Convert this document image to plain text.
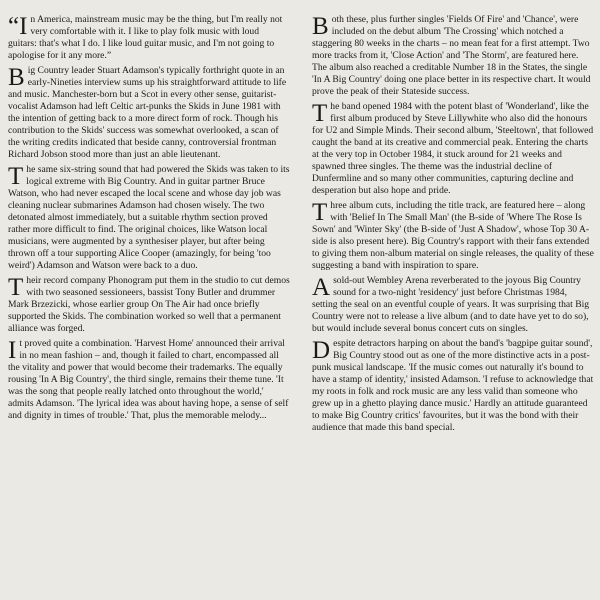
“In America, mainstream music may be the thing, but I'm really not very comfortable with it. I like to play folk music with loud guitars: that's what I do. I like loud guitar music, and I'm not going to apologise for it any more.”

Big Country leader Stuart Adamson's typically forthright quote in an early-Nineties interview sums up his straightforward attitude to life and music. Manchester-born but a Scot in every other sense, guitarist-vocalist Adamson had left Celtic art-punks the Skids in June 1981 with the intention of getting back to a more direct form of rock. Though his contribution to the Skids' success was somewhat overlooked, a scan of the writing credits indicated that beside canny, controversial frontman Richard Jobson stood more than just an able lieutenant.

The same six-string sound that had powered the Skids was taken to its logical extreme with Big Country. And in guitar partner Bruce Watson, who had never escaped the local scene and whose day job was cleaning nuclear submarines Adamson had chosen wisely. The two detonated almost immediately, but a suitable rhythm section proved rather more difficult to find. The original choices, like Watson local musicians, were augmented by a synthesiser player, but after being thrown off a tour supporting Alice Cooper (amazingly, for being 'too weird') Adamson and Watson were back to a duo.

Their record company Phonogram put them in the studio to cut demos with two seasoned sessioneers, bassist Tony Butler and drummer Mark Brzezicki, whose earlier group On The Air had once briefly supported the Skids. The combination worked so well that a permanent alliance was forged.

It proved quite a combination. 'Harvest Home' announced their arrival in no mean fashion – and, though it failed to chart, encompassed all the vitality and power that would become their trademarks. The equally rousing 'In A Big Country', the third single, remains their theme tune. 'It was the song that people really latched onto throughout the world,' admits Adamson. 'The lyrical idea was about having hope, a sense of self and dignity in times of trouble.' That, plus the memorable melody...

Both these, plus further singles 'Fields Of Fire' and 'Chance', were included on the debut album 'The Crossing' which notched a staggering 80 weeks in the charts – no mean feat for a first attempt. Two more tracks from it, 'Close Action' and 'The Storm', are featured here. The album also reached a creditable Number 18 in the States, the single 'In A Big Country' doing one place better in its respective chart. It would prove the peak of their Stateside success.

The band opened 1984 with the potent blast of 'Wonderland', like the first album produced by Steve Lillywhite who also did the honours for U2 and Simple Minds. Their second album, 'Steeltown', that followed caught the band at its creative and commercial peak. Entering the charts at the very top in October 1984, it stuck around for 21 weeks and spawned three singles. The theme was the industrial decline of Dunfermline and so many other communities, capturing decline and desperation but also hope and pride.

Three album cuts, including the title track, are featured here – along with 'Belief In The Small Man' (the B-side of 'Where The Rose Is Sown' and 'Winter Sky' (the B-side of 'Just A Shadow', whose Top 30 A-side is also present here). Big Country's rapport with their fans extended to giving them non-album material on single releases, the quality of these suggesting a band with inspiration to spare.

A sold-out Wembley Arena reverberated to the joyous Big Country sound for a two-night 'residency' just before Christmas 1984, setting the seal on an eventful couple of years. It was surprising that Big Country were not to release a live album (and to date have yet to do so), but would include several bonus concert cuts on singles.

Despite detractors harping on about the band's 'bagpipe guitar sound', Big Country stood out as one of the more distinctive acts in a post-punk musical landscape. 'If the music comes out naturally it's bound to have a stamp of identity,' insisted Adamson. 'I refuse to acknowledge that my roots in folk and rock music are any less valid than someone who grew up in a ghetto playing dance music.' Hardly an attitude guaranteed to make Big Country critics' favourites, but it was the bond with their audience that made this band special.
